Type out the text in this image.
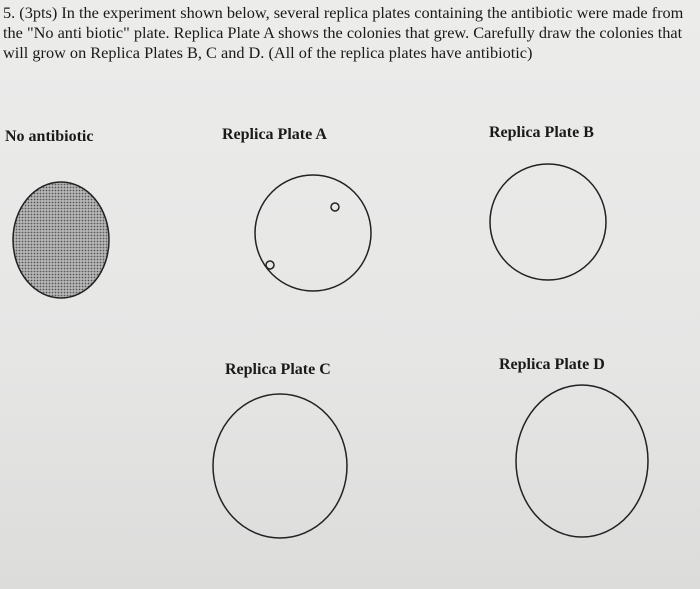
5. (3pts) In the experiment shown below, several replica plates containing the antibiotic were made from the "No anti biotic" plate. Replica Plate A shows the colonies that grew. Carefully draw the colonies that will grow on Replica Plates B, C and D. (All of the replica plates have antibiotic)
No antibiotic	Replica Plate A	Replica Plate B
Replica Plate C	Replica Plate D
